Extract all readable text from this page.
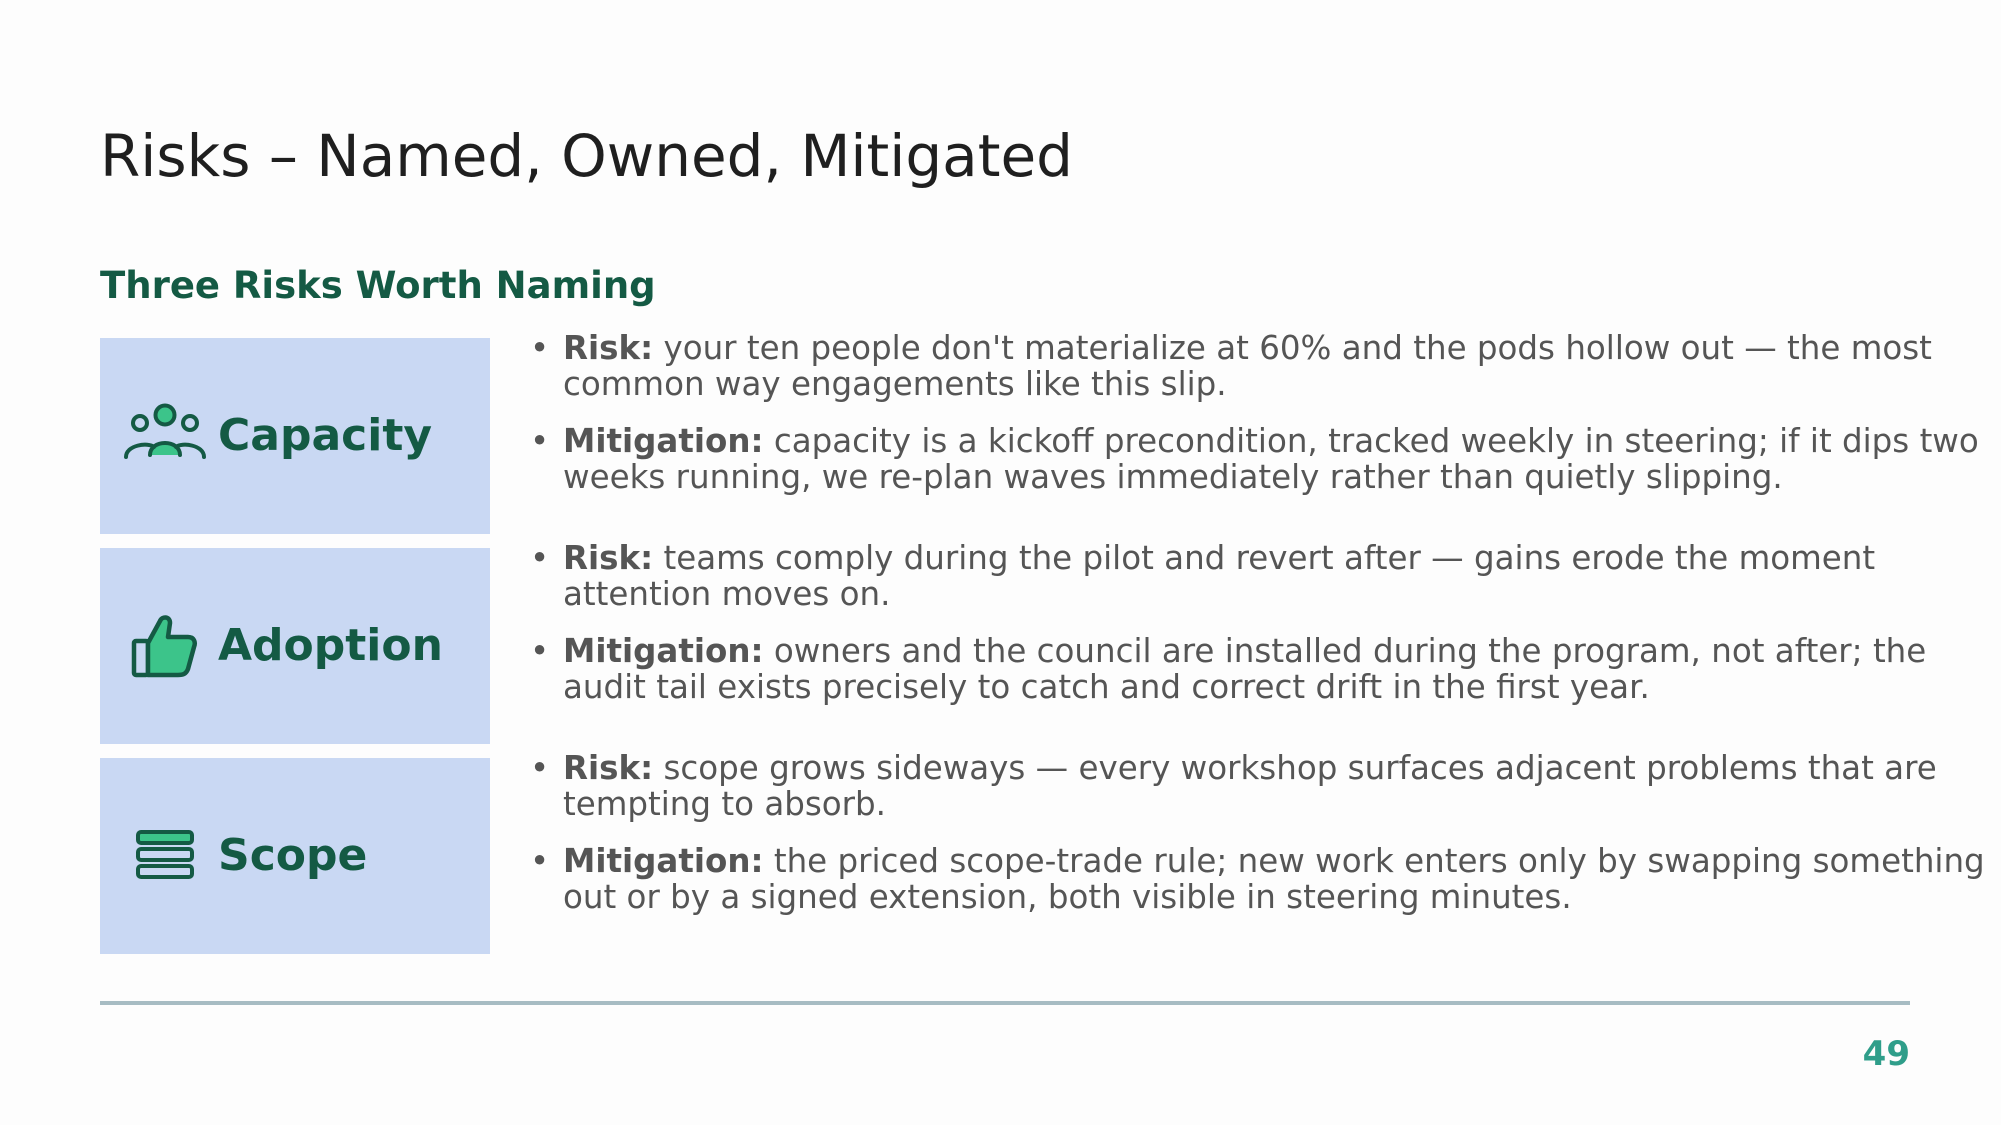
Risks – Named, Owned, Mitigated
Three Risks Worth Naming
Capacity
• Risk: your ten people don't materialize at 60% and the pods hollow out — the most common way engagements like this slip.
• Mitigation: capacity is a kickoff precondition, tracked weekly in steering; if it dips two weeks running, we re-plan waves immediately rather than quietly slipping.
Adoption
• Risk: teams comply during the pilot and revert after — gains erode the moment attention moves on.
• Mitigation: owners and the council are installed during the program, not after; the audit tail exists precisely to catch and correct drift in the first year.
Scope
• Risk: scope grows sideways — every workshop surfaces adjacent problems that are tempting to absorb.
• Mitigation: the priced scope-trade rule; new work enters only by swapping something out or by a signed extension, both visible in steering minutes.
49
